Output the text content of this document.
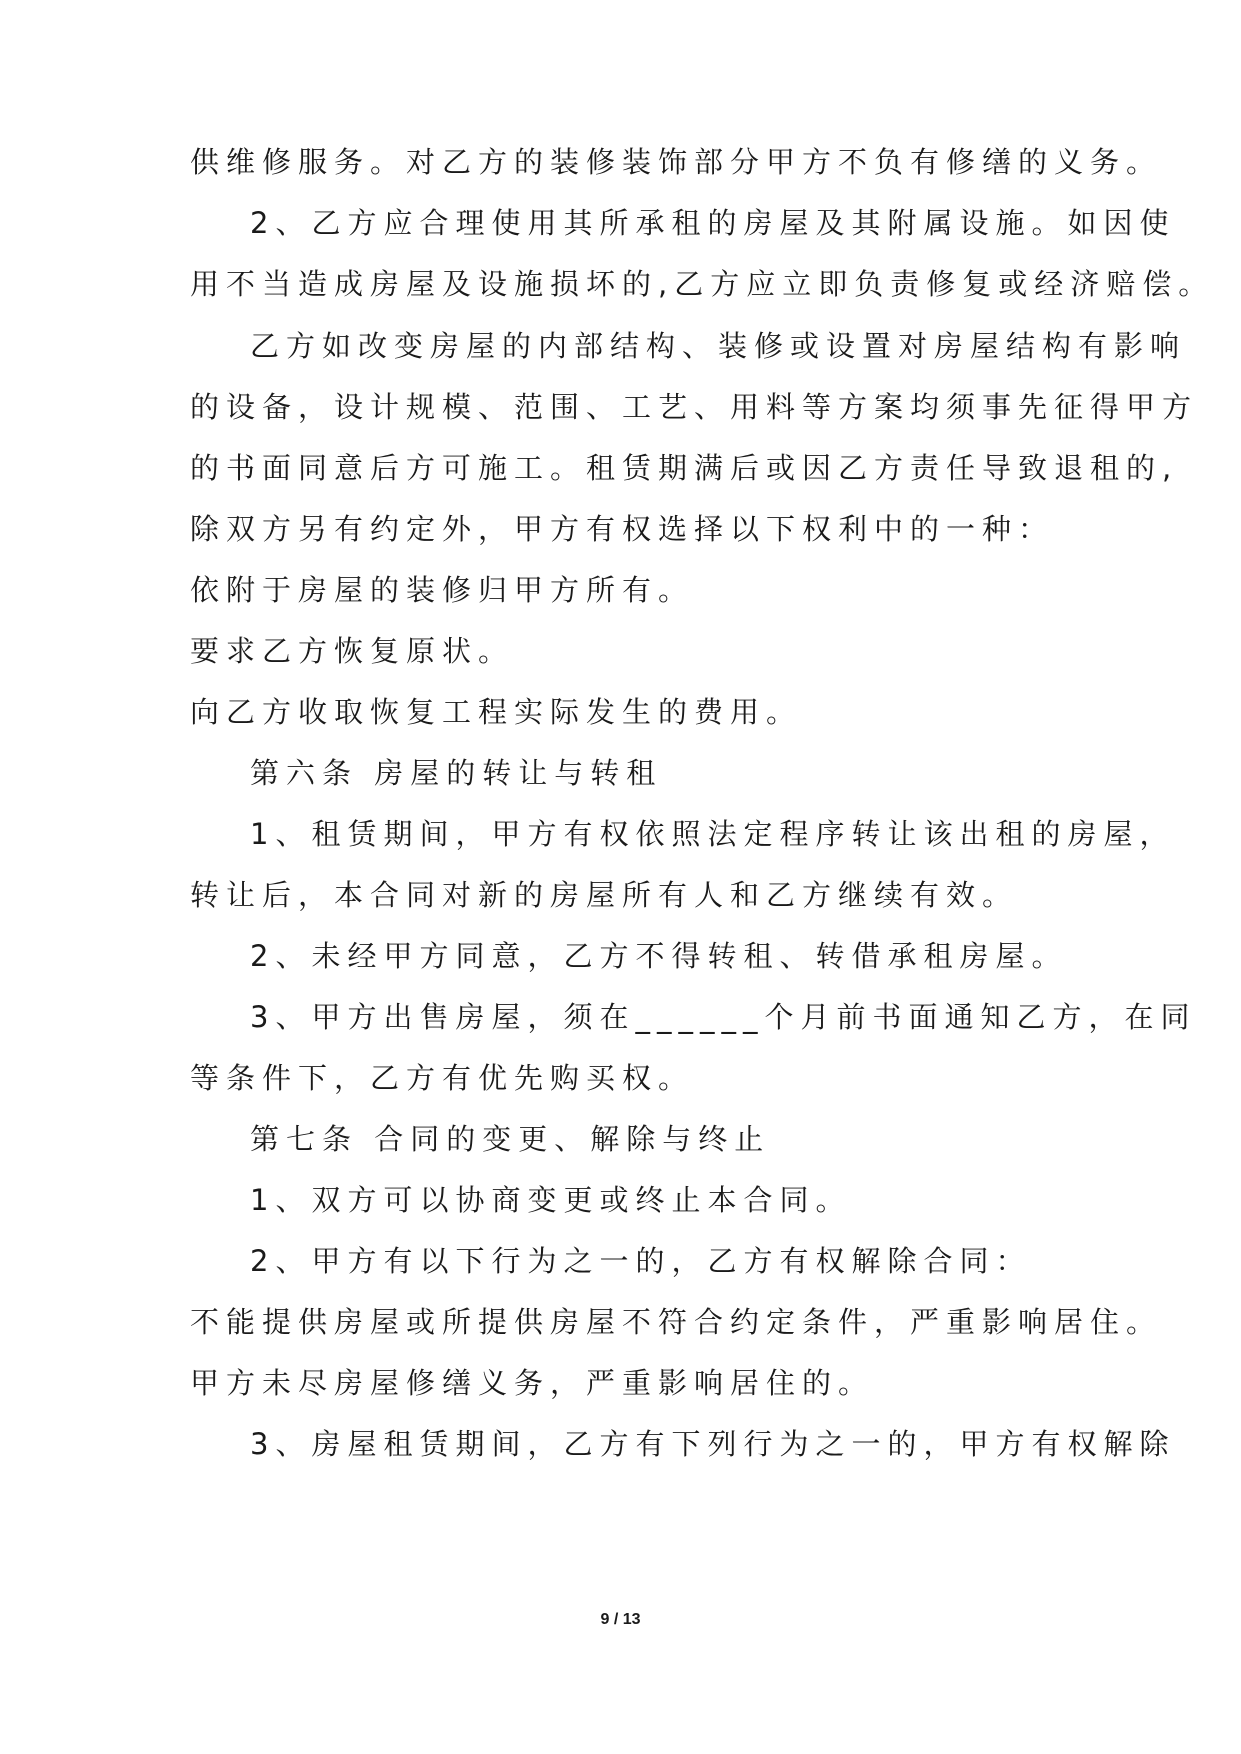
供维修服务。对乙方的装修装饰部分甲方不负有修缮的义务。
2、乙方应合理使用其所承租的房屋及其附属设施。如因使
用不当造成房屋及设施损坏的,乙方应立即负责修复或经济赔偿。
乙方如改变房屋的内部结构、装修或设置对房屋结构有影响
的设备，设计规模、范围、工艺、用料等方案均须事先征得甲方
的书面同意后方可施工。租赁期满后或因乙方责任导致退租的,
除双方另有约定外，甲方有权选择以下权利中的一种：
依附于房屋的装修归甲方所有。
要求乙方恢复原状。
向乙方收取恢复工程实际发生的费用。
第六条 房屋的转让与转租
1、租赁期间，甲方有权依照法定程序转让该出租的房屋，
转让后，本合同对新的房屋所有人和乙方继续有效。
2、未经甲方同意，乙方不得转租、转借承租房屋。
3、甲方出售房屋，须在______个月前书面通知乙方，在同
等条件下，乙方有优先购买权。
第七条 合同的变更、解除与终止
1、双方可以协商变更或终止本合同。
2、甲方有以下行为之一的，乙方有权解除合同：
不能提供房屋或所提供房屋不符合约定条件，严重影响居住。
甲方未尽房屋修缮义务，严重影响居住的。
3、房屋租赁期间，乙方有下列行为之一的，甲方有权解除
9 / 13
